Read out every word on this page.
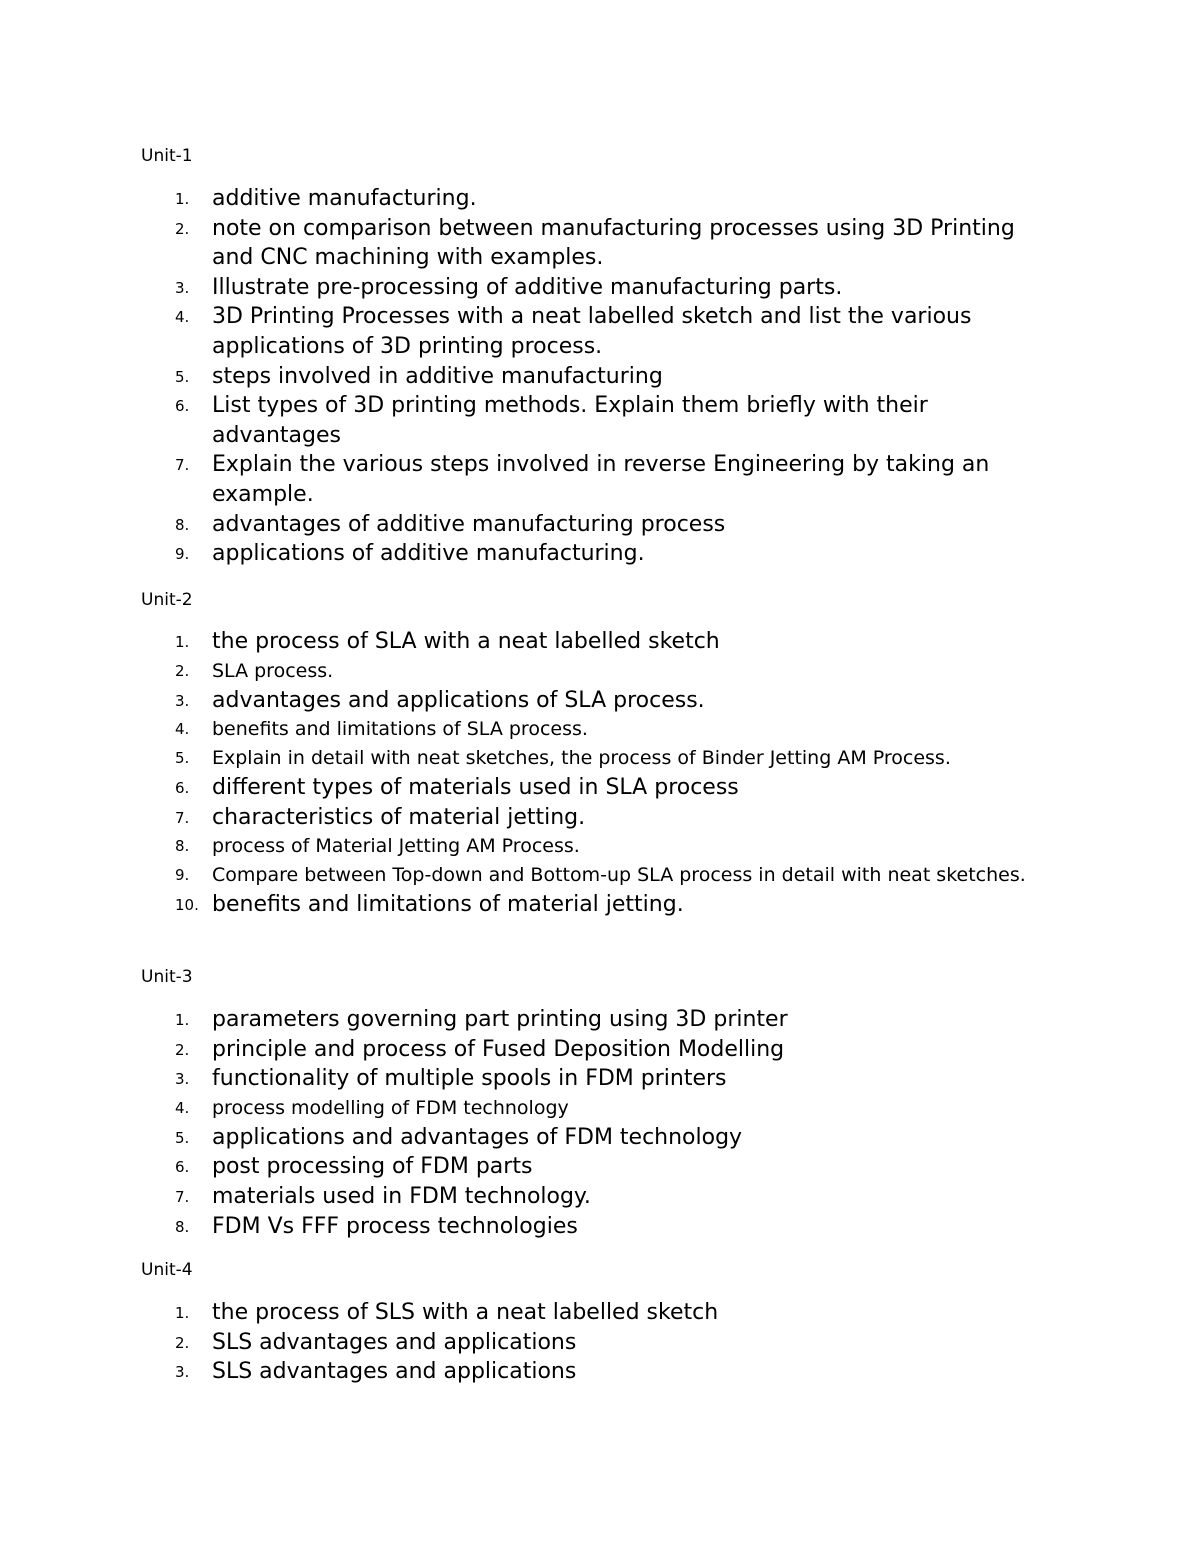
Unit-1
1. additive manufacturing.
2. note on comparison between manufacturing processes using 3D Printing and CNC machining with examples.
3. Illustrate pre-processing of additive manufacturing parts.
4. 3D Printing Processes with a neat labelled sketch and list the various applications of 3D printing process.
5. steps involved in additive manufacturing
6. List types of 3D printing methods. Explain them briefly with their advantages
7. Explain the various steps involved in reverse Engineering by taking an example.
8. advantages of additive manufacturing process
9. applications of additive manufacturing.
Unit-2
1. the process of SLA with a neat labelled sketch
2. SLA process.
3. advantages and applications of SLA process.
4. benefits and limitations of SLA process.
5. Explain in detail with neat sketches, the process of Binder Jetting AM Process.
6. different types of materials used in SLA process
7. characteristics of material jetting.
8. process of Material Jetting AM Process.
9. Compare between Top-down and Bottom-up SLA process in detail with neat sketches.
10. benefits and limitations of material jetting.
Unit-3
1. parameters governing part printing using 3D printer
2. principle and process of Fused Deposition Modelling
3. functionality of multiple spools in FDM printers
4. process modelling of FDM technology
5. applications and advantages of FDM technology
6. post processing of FDM parts
7. materials used in FDM technology.
8. FDM Vs FFF process technologies
Unit-4
1. the process of SLS with a neat labelled sketch
2. SLS advantages and applications
3. SLS advantages and applications
